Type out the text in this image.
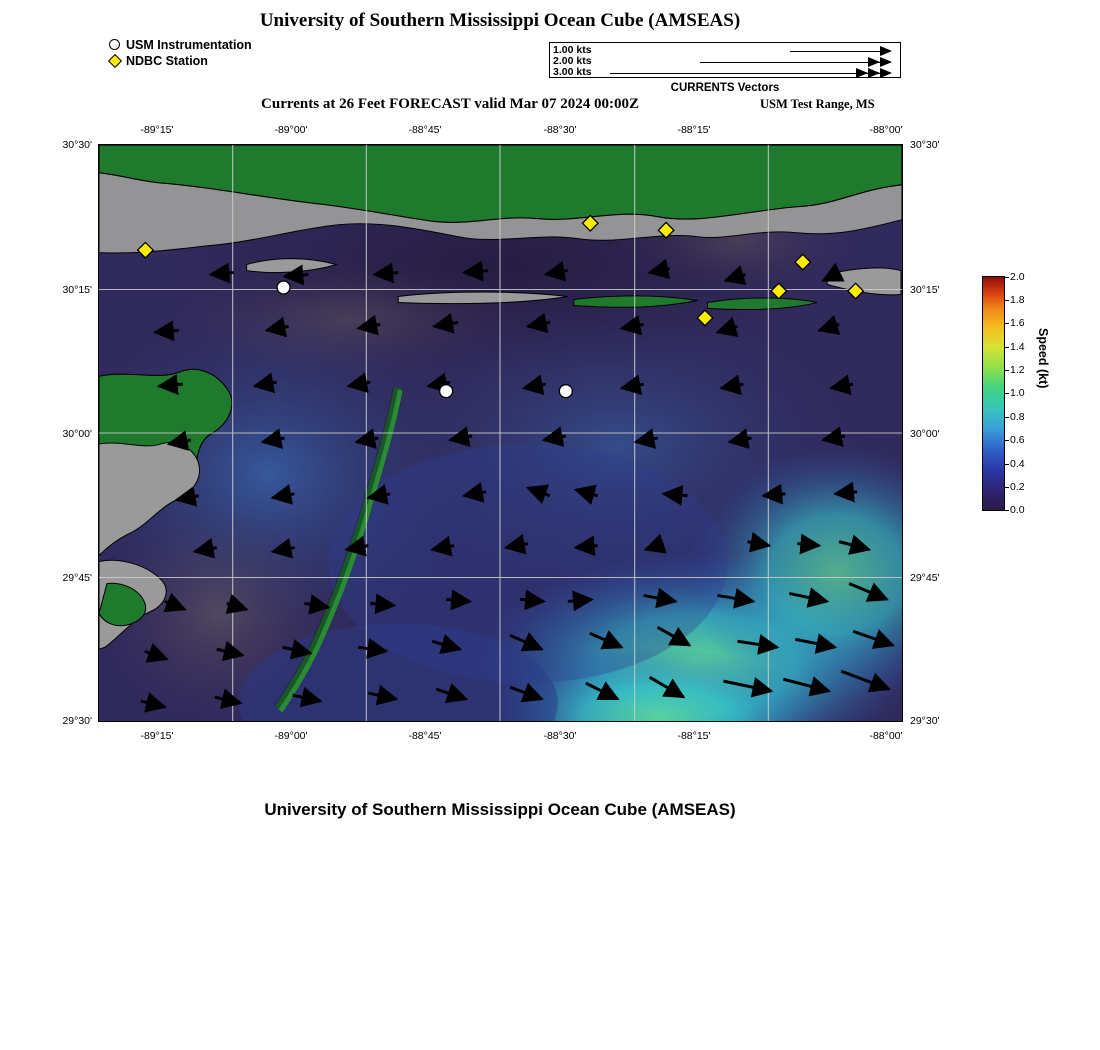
University of Southern Mississippi Ocean Cube (AMSEAS)
Currents at 26 Feet FORECAST valid Mar 07 2024 00:00Z	USM Test Range, MS
University of Southern Mississippi Ocean Cube (AMSEAS)
USM Instrumentation
NDBC Station
1.00 kts
2.00 kts
3.00 kts
CURRENTS Vectors
-89°15'	-89°00'	-88°45'	-88°30'	-88°15'	-88°00'
-89°15'	-89°00'	-88°45'	-88°30'	-88°15'	-88°00'
30°30'
30°15'
30°00'
29°45'
29°30'
30°30'
30°15'
30°00'
29°45'
29°30'
2.0
1.8
1.6
1.4
1.2
1.0
0.8
0.6
0.4
0.2
0.0
Speed (kt)
